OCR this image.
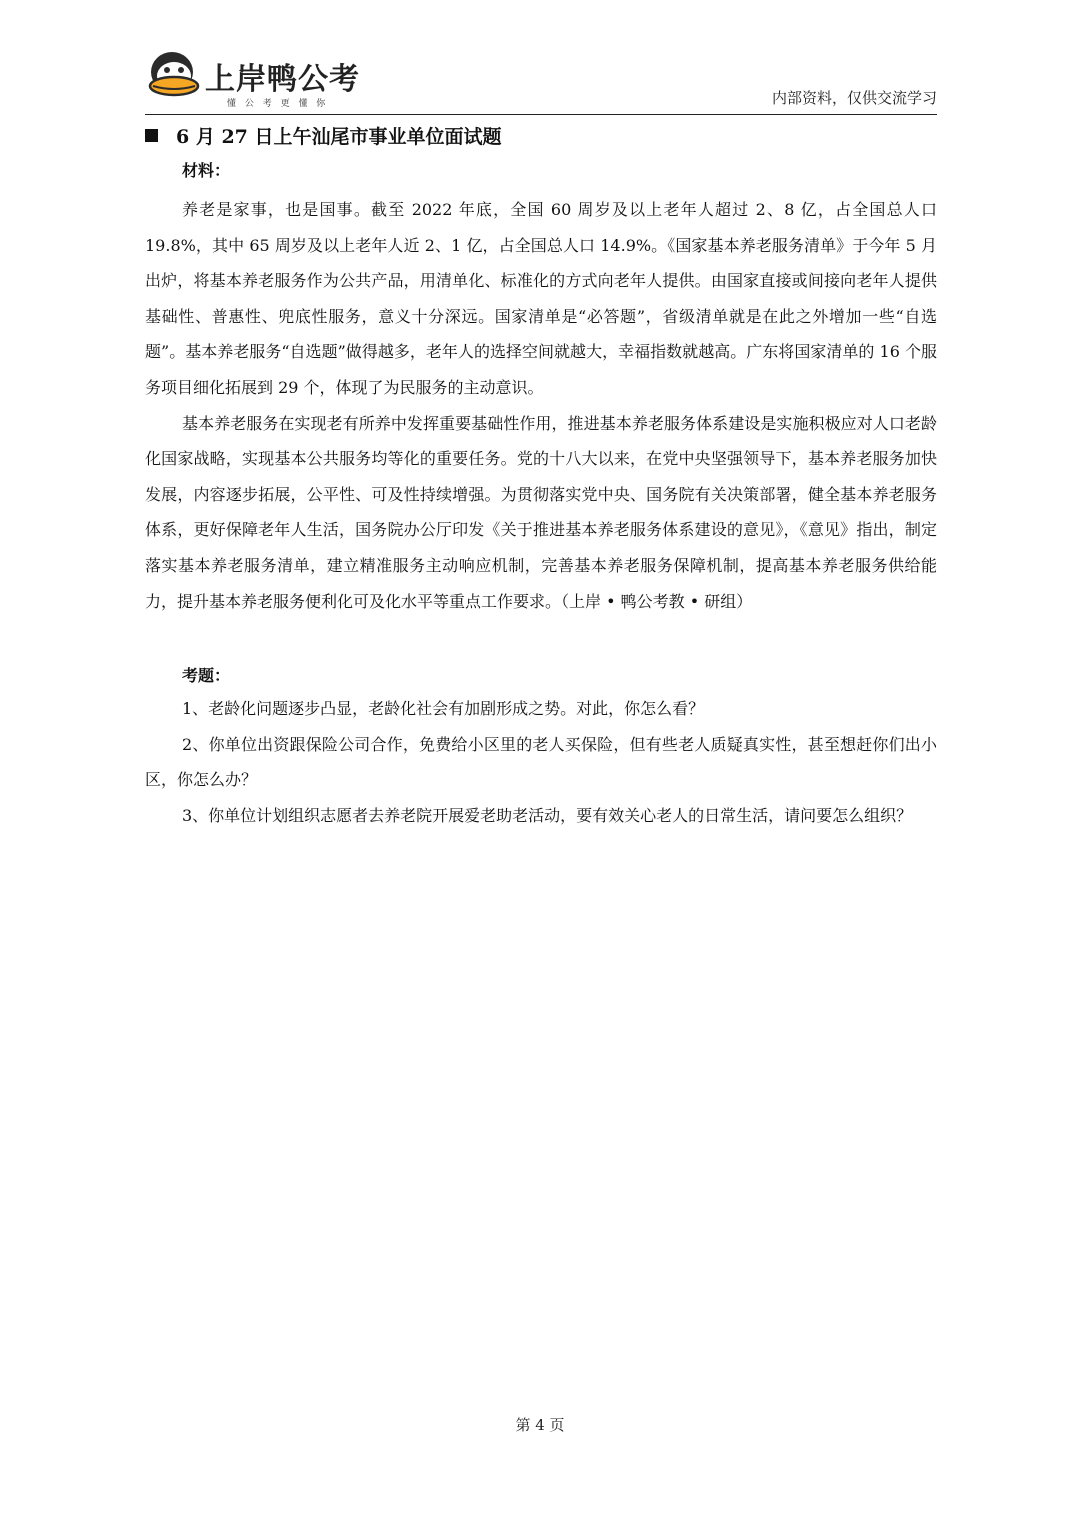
上岸鸭公考
懂 公 考 更 懂 你	内部资料，仅供交流学习

6 月 27 日上午汕尾市事业单位面试题

材料：

养老是家事，也是国事。截至 2022 年底，全国 60 周岁及以上老年人超过 2、8 亿，占全国总人口 19.8%，其中 65 周岁及以上老年人近 2、1 亿，占全国总人口 14.9%。《国家基本养老服务清单》于今年 5 月出炉，将基本养老服务作为公共产品，用清单化、标准化的方式向老年人提供。由国家直接或间接向老年人提供基础性、普惠性、兜底性服务，意义十分深远。国家清单是“必答题”，省级清单就是在此之外增加一些“自选题”。基本养老服务“自选题”做得越多，老年人的选择空间就越大，幸福指数就越高。广东将国家清单的 16 个服务项目细化拓展到 29 个，体现了为民服务的主动意识。

基本养老服务在实现老有所养中发挥重要基础性作用，推进基本养老服务体系建设是实施积极应对人口老龄化国家战略，实现基本公共服务均等化的重要任务。党的十八大以来，在党中央坚强领导下，基本养老服务加快发展，内容逐步拓展，公平性、可及性持续增强。为贯彻落实党中央、国务院有关决策部署，健全基本养老服务体系，更好保障老年人生活，国务院办公厅印发《关于推进基本养老服务体系建设的意见》，《意见》指出，制定落实基本养老服务清单，建立精准服务主动响应机制，完善基本养老服务保障机制，提高基本养老服务供给能力，提升基本养老服务便利化可及化水平等重点工作要求。（上岸 • 鸭公考教 • 研组）

考题：

1、老龄化问题逐步凸显，老龄化社会有加剧形成之势。对此，你怎么看？

2、你单位出资跟保险公司合作，免费给小区里的老人买保险，但有些老人质疑真实性，甚至想赶你们出小区，你怎么办？

3、你单位计划组织志愿者去养老院开展爱老助老活动，要有效关心老人的日常生活，请问要怎么组织？

第 4 页
